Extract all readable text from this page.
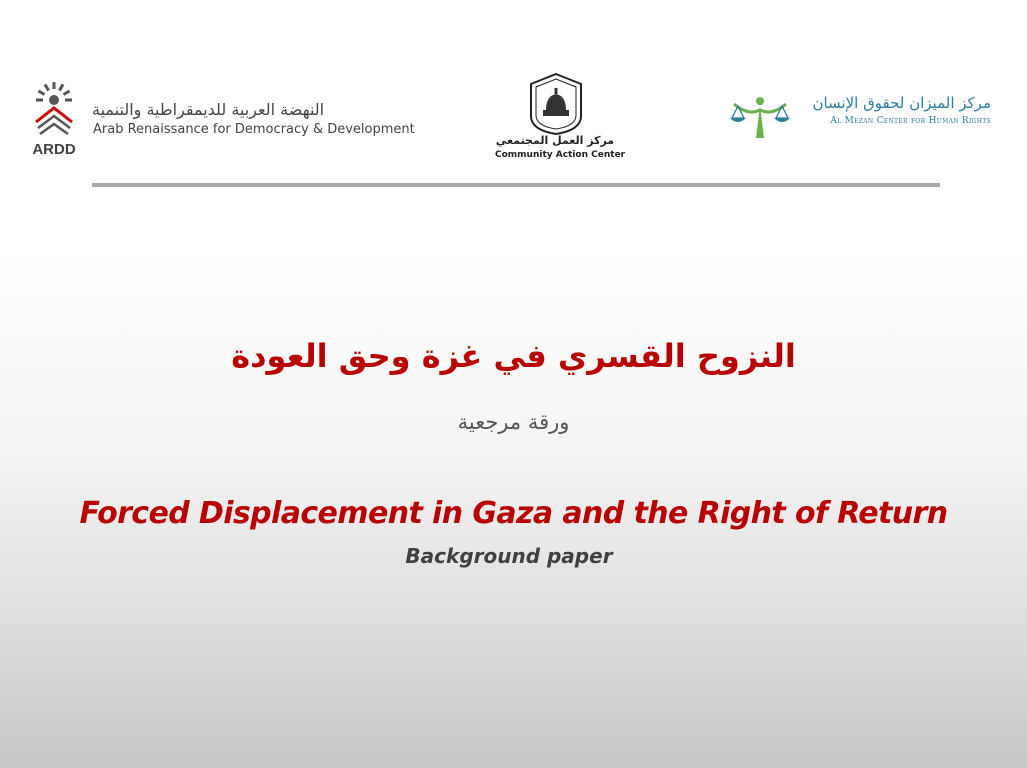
ARDD
النهضة العربية للديمقراطية والتنمية
Arab Renaissance for Democracy & Development
مركز العمل المجتمعي
Community Action Center
مركز الميزان لحقوق الإنسان
Al Mezan Center for Human Rights
النزوح القسري في غزة وحق العودة
ورقة مرجعية
Forced Displacement in Gaza and the Right of Return
Background paper
